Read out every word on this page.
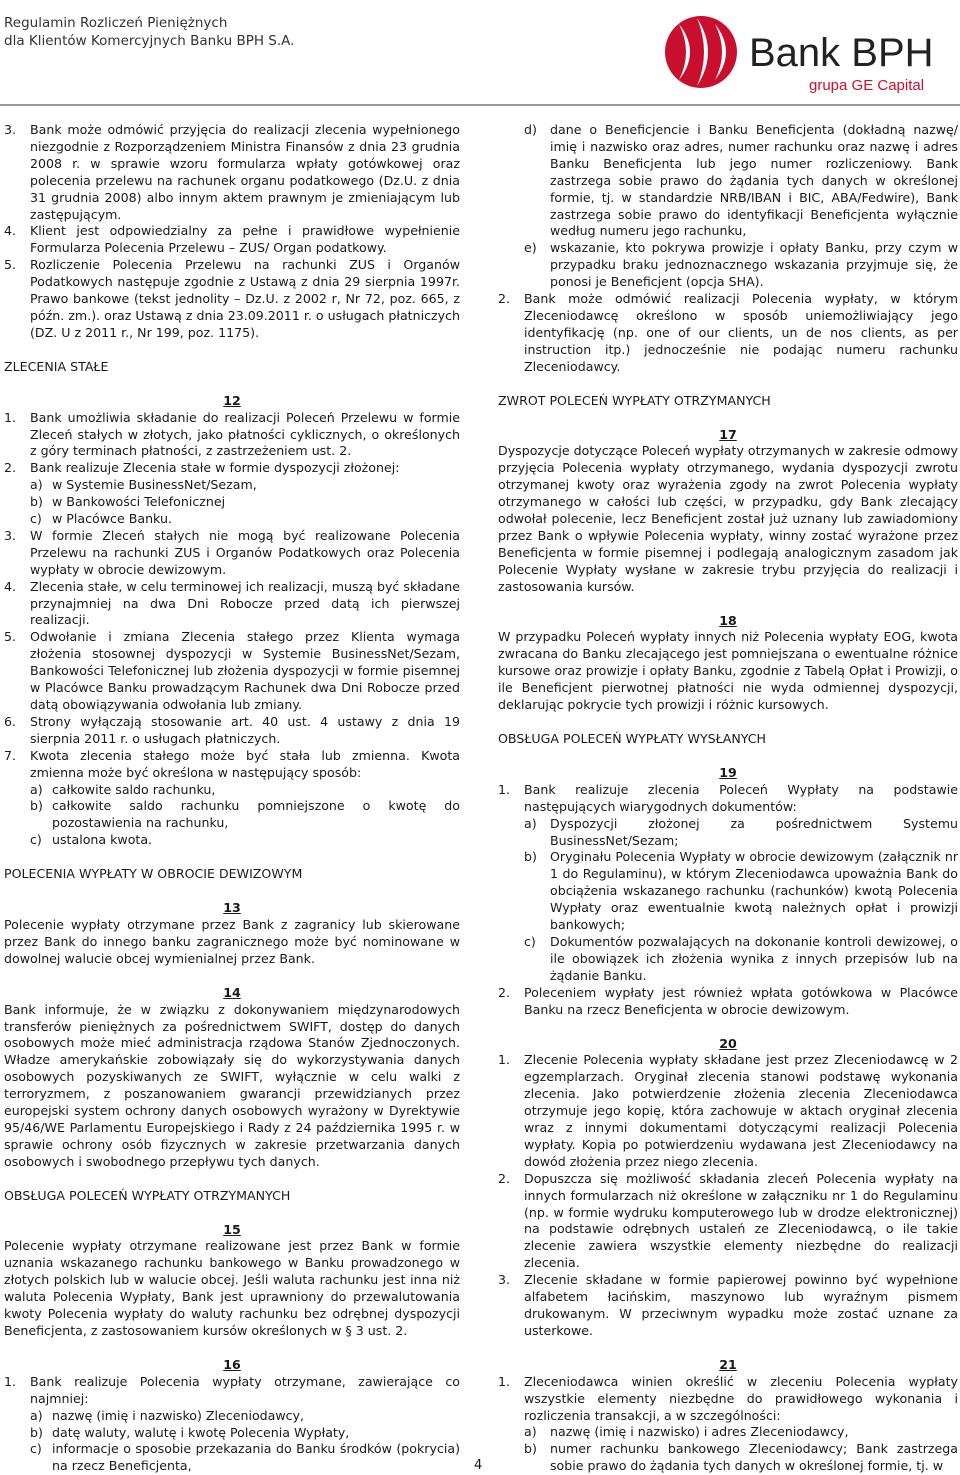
Regulamin Rozliczeń Pieniężnych
dla Klientów Komercyjnych Banku BPH S.A.	Bank BPH
grupa GE Capital
3.	Bank może odmówić przyjęcia do realizacji zlecenia wypełnionego niezgodnie z Rozporządzeniem Ministra Finansów z dnia 23 grudnia 2008 r. w sprawie wzoru formularza wpłaty gotówkowej oraz polecenia przelewu na rachunek organu podatkowego (Dz.U. z dnia 31 grudnia 2008) albo innym aktem prawnym je zmieniającym lub zastępującym.
4.	Klient jest odpowiedzialny za pełne i prawidłowe wypełnienie Formularza Polecenia Przelewu – ZUS/ Organ podatkowy.
5.	Rozliczenie Polecenia Przelewu na rachunki ZUS i Organów Podatkowych następuje zgodnie z Ustawą z dnia 29 sierpnia 1997r. Prawo bankowe (tekst jednolity – Dz.U. z 2002 r, Nr 72, poz. 665, z późn. zm.). oraz Ustawą z dnia 23.09.2011 r. o usługach płatniczych (DZ. U z 2011 r., Nr 199, poz. 1175).
ZLECENIA STAŁE
12
1.	Bank umożliwia składanie do realizacji Poleceń Przelewu w formie Zleceń stałych w złotych, jako płatności cyklicznych, o określonych z góry terminach płatności, z zastrzeżeniem ust. 2.
2.	Bank realizuje Zlecenia stałe w formie dyspozycji złożonej:
a) w Systemie BusinessNet/Sezam,
b) w Bankowości Telefonicznej
c) w Placówce Banku.
3.	W formie Zleceń stałych nie mogą być realizowane Polecenia Przelewu na rachunki ZUS i Organów Podatkowych oraz Polecenia wypłaty w obrocie dewizowym.
4.	Zlecenia stałe, w celu terminowej ich realizacji, muszą być składane przynajmniej na dwa Dni Robocze przed datą ich pierwszej realizacji.
5.	Odwołanie i zmiana Zlecenia stałego przez Klienta wymaga złożenia stosownej dyspozycji w Systemie BusinessNet/Sezam, Bankowości Telefonicznej lub złożenia dyspozycji w formie pisemnej w Placówce Banku prowadzącym Rachunek dwa Dni Robocze przed datą obowiązywania odwołania lub zmiany.
6.	Strony wyłączają stosowanie art. 40 ust. 4 ustawy z dnia 19 sierpnia 2011 r. o usługach płatniczych.
7.	Kwota zlecenia stałego może być stała lub zmienna. Kwota zmienna może być określona w następujący sposób:
a) całkowite saldo rachunku,
b) całkowite saldo rachunku pomniejszone o kwotę do pozostawienia na rachunku,
c) ustalona kwota.
POLECENIA WYPŁATY W OBROCIE DEWIZOWYM
13
Polecenie wypłaty otrzymane przez Bank z zagranicy lub skierowane przez Bank do innego banku zagranicznego może być nominowane w dowolnej walucie obcej wymienialnej przez Bank.
14
Bank informuje, że w związku z dokonywaniem międzynarodowych transferów pieniężnych za pośrednictwem SWIFT, dostęp do danych osobowych może mieć administracja rządowa Stanów Zjednoczonych. Władze amerykańskie zobowiązały się do wykorzystywania danych osobowych pozyskiwanych ze SWIFT, wyłącznie w celu walki z terroryzmem, z poszanowaniem gwarancji przewidzianych przez europejski system ochrony danych osobowych wyrażony w Dyrektywie 95/46/WE Parlamentu Europejskiego i Rady z 24 października 1995 r. w sprawie ochrony osób fizycznych w zakresie przetwarzania danych osobowych i swobodnego przepływu tych danych.
OBSŁUGA POLECEŃ WYPŁATY OTRZYMANYCH
15
Polecenie wypłaty otrzymane realizowane jest przez Bank w formie uznania wskazanego rachunku bankowego w Banku prowadzonego w złotych polskich lub w walucie obcej. Jeśli waluta rachunku jest inna niż waluta Polecenia Wypłaty, Bank jest uprawniony do przewalutowania kwoty Polecenia wypłaty do waluty rachunku bez odrębnej dyspozycji Beneficjenta, z zastosowaniem kursów określonych w § 3 ust. 2.
16
1.	Bank realizuje Polecenia wypłaty otrzymane, zawierające co najmniej:
a) nazwę (imię i nazwisko) Zleceniodawcy,
b) datę waluty, walutę i kwotę Polecenia Wypłaty,
c) informacje o sposobie przekazania do Banku środków (pokrycia) na rzecz Beneficjenta,
d)	dane o Beneficjencie i Banku Beneficjenta (dokładną nazwę/ imię i nazwisko oraz adres, numer rachunku oraz nazwę i adres Banku Beneficjenta lub jego numer rozliczeniowy. Bank zastrzega sobie prawo do żądania tych danych w określonej formie, tj. w standardzie NRB/IBAN i BIC, ABA/Fedwire), Bank zastrzega sobie prawo do identyfikacji Beneficjenta wyłącznie według numeru jego rachunku,
e)	wskazanie, kto pokrywa prowizje i opłaty Banku, przy czym w przypadku braku jednoznacznego wskazania przyjmuje się, że ponosi je Beneficjent (opcja SHA).
2.	Bank może odmówić realizacji Polecenia wypłaty, w którym Zleceniodawcę określono w sposób uniemożliwiający jego identyfikację (np. one of our clients, un de nos clients, as per instruction itp.) jednocześnie nie podając numeru rachunku Zleceniodawcy.
ZWROT POLECEŃ WYPŁATY OTRZYMANYCH
17
Dyspozycje dotyczące Poleceń wypłaty otrzymanych w zakresie odmowy przyjęcia Polecenia wypłaty otrzymanego, wydania dyspozycji zwrotu otrzymanej kwoty oraz wyrażenia zgody na zwrot Polecenia wypłaty otrzymanego w całości lub części, w przypadku, gdy Bank zlecający odwołał polecenie, lecz Beneficjent został już uznany lub zawiadomiony przez Bank o wpływie Polecenia wypłaty, winny zostać wyrażone przez Beneficjenta w formie pisemnej i podlegają analogicznym zasadom jak Polecenie Wypłaty wysłane w zakresie trybu przyjęcia do realizacji i zastosowania kursów.
18
W przypadku Poleceń wypłaty innych niż Polecenia wypłaty EOG, kwota zwracana do Banku zlecającego jest pomniejszana o ewentualne różnice kursowe oraz prowizje i opłaty Banku, zgodnie z Tabelą Opłat i Prowizji, o ile Beneficjent pierwotnej płatności nie wyda odmiennej dyspozycji, deklarując pokrycie tych prowizji i różnic kursowych.
OBSŁUGA POLECEŃ WYPŁATY WYSŁANYCH
19
1.	Bank realizuje zlecenia Poleceń Wypłaty na podstawie następujących wiarygodnych dokumentów:
a)	Dyspozycji złożonej za pośrednictwem Systemu BusinessNet/Sezam;
b)	Oryginału Polecenia Wypłaty w obrocie dewizowym (załącznik nr 1 do Regulaminu), w którym Zleceniodawca upoważnia Bank do obciążenia wskazanego rachunku (rachunków) kwotą Polecenia Wypłaty oraz ewentualnie kwotą należnych opłat i prowizji bankowych;
c)	Dokumentów pozwalających na dokonanie kontroli dewizowej, o ile obowiązek ich złożenia wynika z innych przepisów lub na żądanie Banku.
2.	Poleceniem wypłaty jest również wpłata gotówkowa w Placówce Banku na rzecz Beneficjenta w obrocie dewizowym.
20
1.	Zlecenie Polecenia wypłaty składane jest przez Zleceniodawcę w 2 egzemplarzach. Oryginał zlecenia stanowi podstawę wykonania zlecenia. Jako potwierdzenie złożenia zlecenia Zleceniodawca otrzymuje jego kopię, która zachowuje w aktach oryginał zlecenia wraz z innymi dokumentami dotyczącymi realizacji Polecenia wypłaty. Kopia po potwierdzeniu wydawana jest Zleceniodawcy na dowód złożenia przez niego zlecenia.
2.	Dopuszcza się możliwość składania zleceń Polecenia wypłaty na innych formularzach niż określone w załączniku nr 1 do Regulaminu (np. w formie wydruku komputerowego lub w drodze elektronicznej) na podstawie odrębnych ustaleń ze Zleceniodawcą, o ile takie zlecenie zawiera wszystkie elementy niezbędne do realizacji zlecenia.
3.	Zlecenie składane w formie papierowej powinno być wypełnione alfabetem łacińskim, maszynowo lub wyraźnym pismem drukowanym. W przeciwnym wypadku może zostać uznane za usterkowe.
21
1.	Zleceniodawca winien określić w zleceniu Polecenia wypłaty wszystkie elementy niezbędne do prawidłowego wykonania i rozliczenia transakcji, a w szczególności:
a)	nazwę (imię i nazwisko) i adres Zleceniodawcy,
b)	numer rachunku bankowego Zleceniodawcy; Bank zastrzega sobie prawo do żądania tych danych w określonej formie, tj. w
4
